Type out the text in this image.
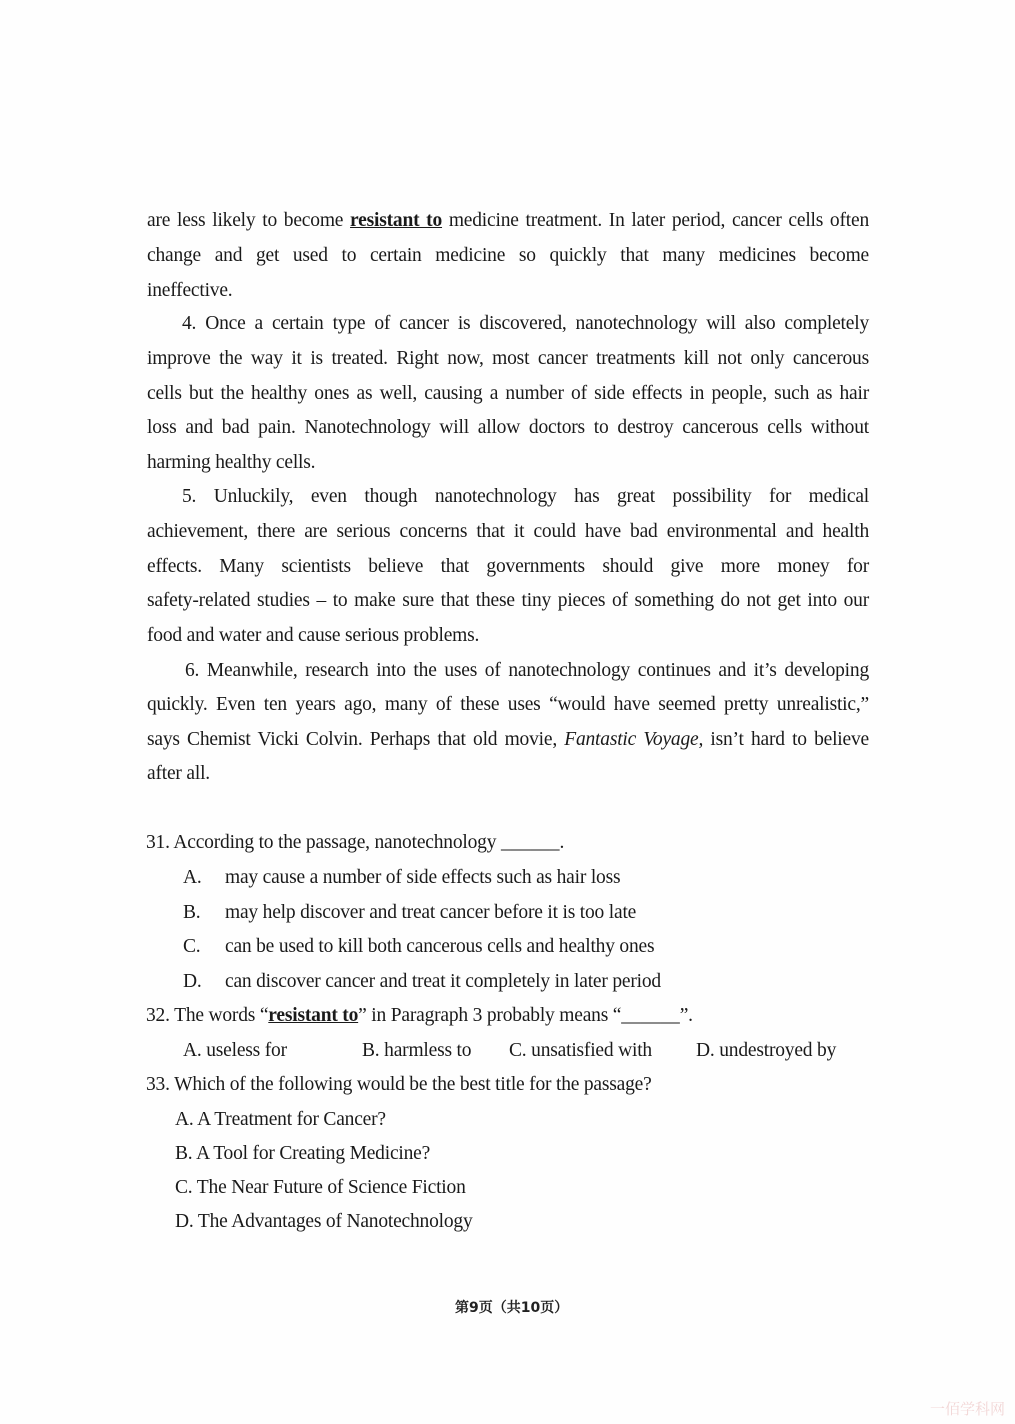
are less likely to become resistant to medicine treatment. In later period, cancer cells often
change and get used to certain medicine so quickly that many medicines become
ineffective.
4. Once a certain type of cancer is discovered, nanotechnology will also completely
improve the way it is treated. Right now, most cancer treatments kill not only cancerous
cells but the healthy ones as well, causing a number of side effects in people, such as hair
loss and bad pain. Nanotechnology will allow doctors to destroy cancerous cells without
harming healthy cells.
5. Unluckily, even though nanotechnology has great possibility for medical
achievement, there are serious concerns that it could have bad environmental and health
effects. Many scientists believe that governments should give more money for
safety-related studies – to make sure that these tiny pieces of something do not get into our
food and water and cause serious problems.
6. Meanwhile, research into the uses of nanotechnology continues and it’s developing
quickly. Even ten years ago, many of these uses “would have seemed pretty unrealistic,”
says Chemist Vicki Colvin. Perhaps that old movie, Fantastic Voyage, isn’t hard to believe
after all.
31. According to the passage, nanotechnology ______.
A. may cause a number of side effects such as hair loss
B. may help discover and treat cancer before it is too late
C. can be used to kill both cancerous cells and healthy ones
D. can discover cancer and treat it completely in later period
32. The words “resistant to” in Paragraph 3 probably means “______”.
A. useless for	B. harmless to C. unsatisfied with D. undestroyed by
33. Which of the following would be the best title for the passage?
A. A Treatment for Cancer?
B. A Tool for Creating Medicine?
C. The Near Future of Science Fiction
D. The Advantages of Nanotechnology
第9页（共10页）
一佰学科网
